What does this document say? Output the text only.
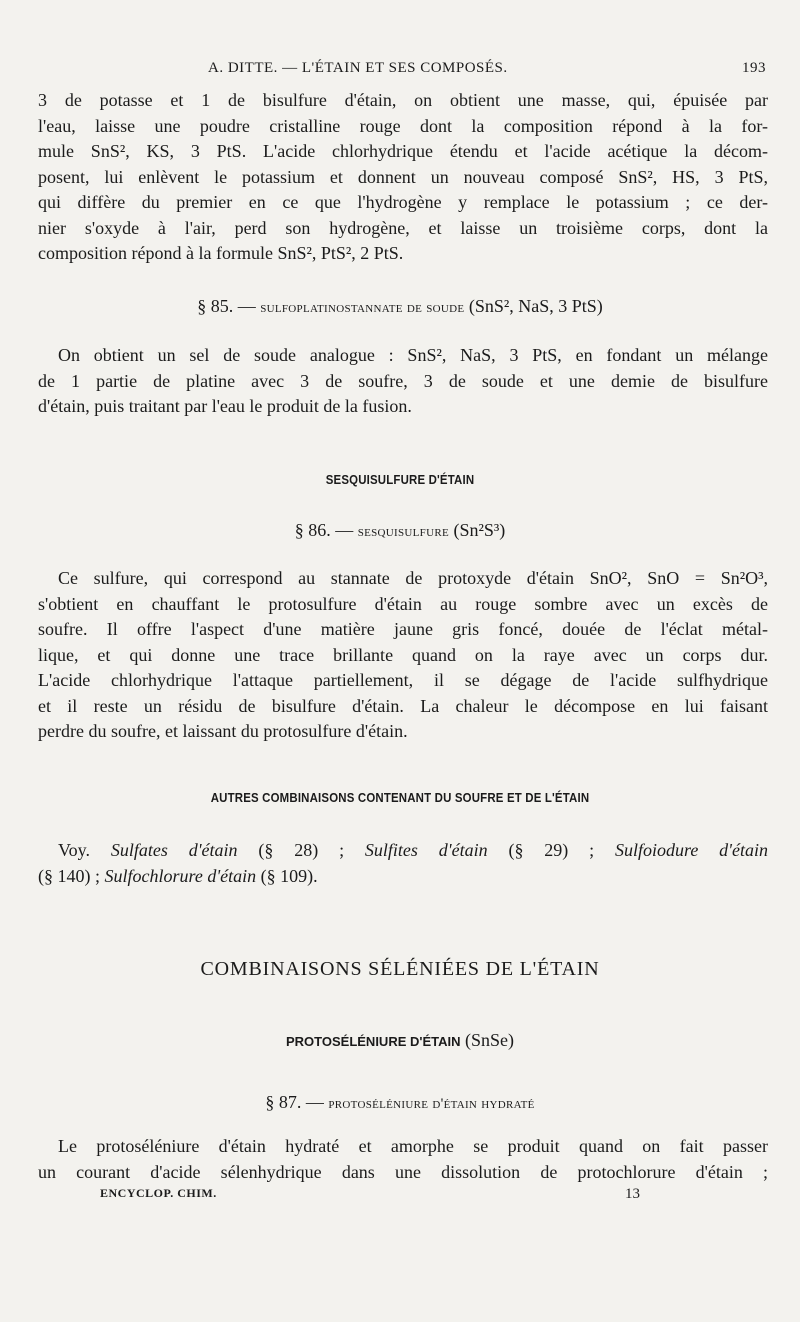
A. DITTE. — L'ÉTAIN ET SES COMPOSÉS.	193
3 de potasse et 1 de bisulfure d'étain, on obtient une masse, qui, épuisée par
l'eau, laisse une poudre cristalline rouge dont la composition répond à la for-
mule SnS², KS, 3 PtS. L'acide chlorhydrique étendu et l'acide acétique la décom-
posent, lui enlèvent le potassium et donnent un nouveau composé SnS², HS, 3 PtS,
qui diffère du premier en ce que l'hydrogène y remplace le potassium ; ce der-
nier s'oxyde à l'air, perd son hydrogène, et laisse un troisième corps, dont la
composition répond à la formule SnS², PtS², 2 PtS.
§ 85. — sulfoplatinostannate de soude (SnS², NaS, 3 PtS)
On obtient un sel de soude analogue : SnS², NaS, 3 PtS, en fondant un mélange
de 1 partie de platine avec 3 de soufre, 3 de soude et une demie de bisulfure
d'étain, puis traitant par l'eau le produit de la fusion.
SESQUISULFURE D'ÉTAIN
§ 86. — sesquisulfure (Sn²S³)
Ce sulfure, qui correspond au stannate de protoxyde d'étain SnO², SnO = Sn²O³,
s'obtient en chauffant le protosulfure d'étain au rouge sombre avec un excès de
soufre. Il offre l'aspect d'une matière jaune gris foncé, douée de l'éclat métal-
lique, et qui donne une trace brillante quand on la raye avec un corps dur.
L'acide chlorhydrique l'attaque partiellement, il se dégage de l'acide sulfhydrique
et il reste un résidu de bisulfure d'étain. La chaleur le décompose en lui faisant
perdre du soufre, et laissant du protosulfure d'étain.
AUTRES COMBINAISONS CONTENANT DU SOUFRE ET DE L'ÉTAIN
Voy. Sulfates d'étain (§ 28) ; Sulfites d'étain (§ 29) ; Sulfoiodure d'étain
(§ 140) ; Sulfochlorure d'étain (§ 109).
COMBINAISONS SÉLÉNIÉES DE L'ÉTAIN
PROTOSÉLÉNIURE D'ÉTAIN (SnSe)
§ 87. — protoséléniure d'étain hydraté
Le protoséléniure d'étain hydraté et amorphe se produit quand on fait passer
un courant d'acide sélenhydrique dans une dissolution de protochlorure d'étain ;
ENCYCLOP. CHIM.	13
